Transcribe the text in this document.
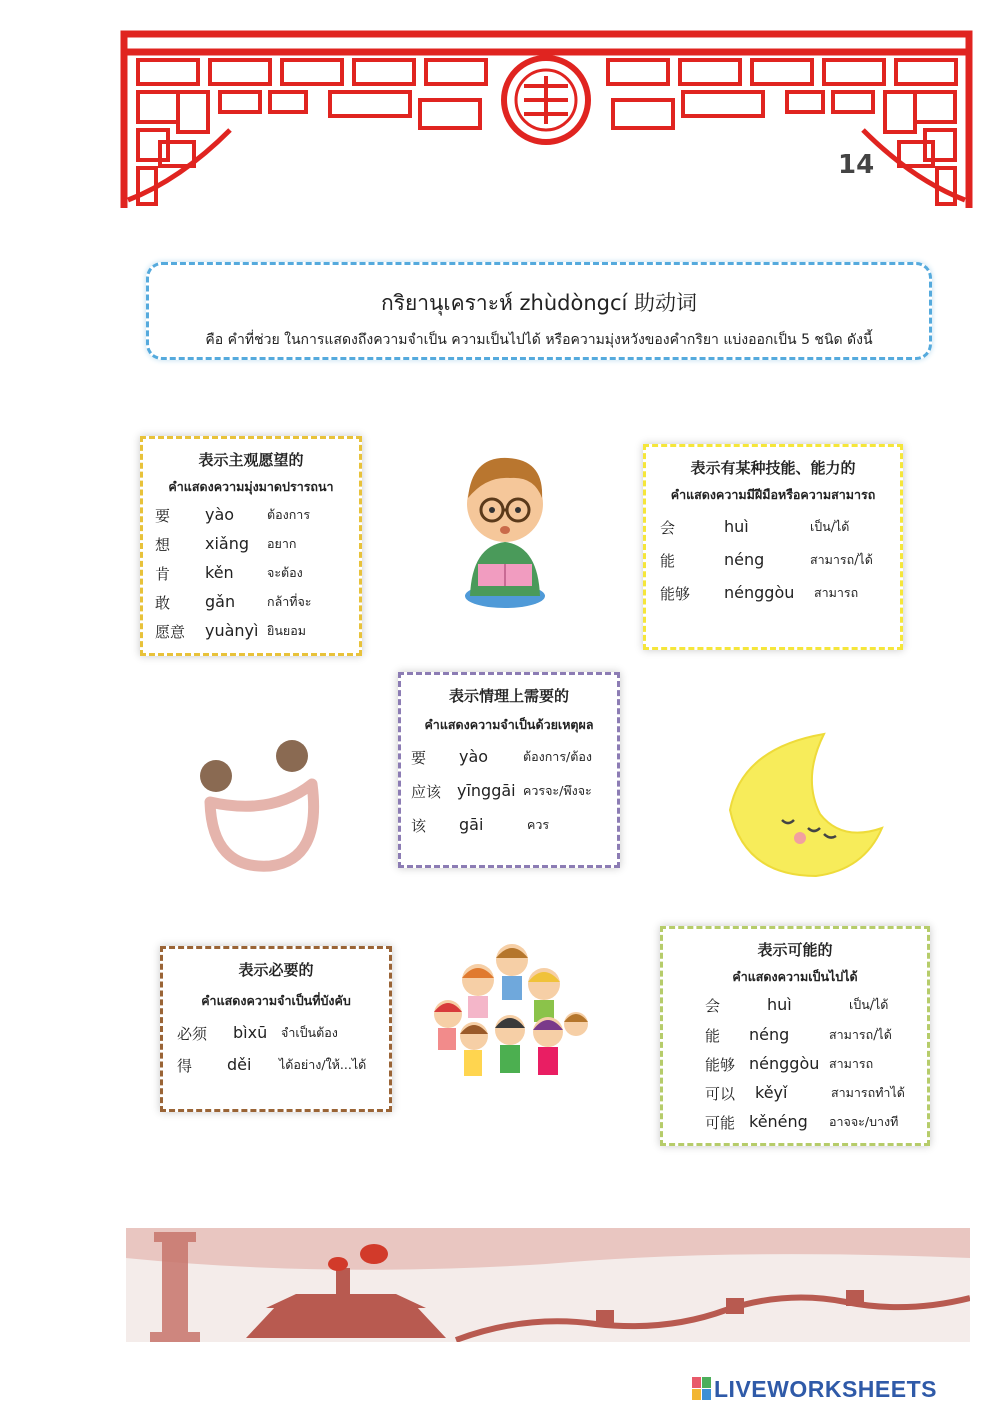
14
กริยานุเคราะห์ zhùdòngcí 助动词
คือ คำที่ช่วย ในการแสดงถึงความจำเป็น ความเป็นไปได้ หรือความมุ่งหวังของคำกริยา แบ่งออกเป็น 5 ชนิด ดังนี้
表示主观愿望的
คำแสดงความมุ่งมาดปรารถนา
要 yào	ต้องการ
想 xiǎng อยาก
肯 kěn	จะต้อง
敢 gǎn	กล้าที่จะ
愿意 yuànyì ยินยอม
表示有某种技能、能力的
คำแสดงความมีฝีมือหรือความสามารถ
会	huì	เป็น/ได้
能	néng	สามารถ/ได้
能够 nénggòu สามารถ
表示情理上需要的
คำแสดงความจำเป็นด้วยเหตุผล
要 yào	ต้องการ/ต้อง
应该 yīnggāi ควรจะ/พึงจะ
该 gāi	ควร
表示必要的
คำแสดงความจำเป็นที่บังคับ
必须 bìxū จำเป็นต้อง
得 děi ได้อย่าง/ให้...ได้
表示可能的
คำแสดงความเป็นไปได้
会	huì	เป็น/ได้
能 néng	สามารถ/ได้
能够 nénggòu สามารถ
可以 kěyǐ	สามารถทำได้
可能 kěnéng อาจจะ/บางที
LIVEWORKSHEETS
